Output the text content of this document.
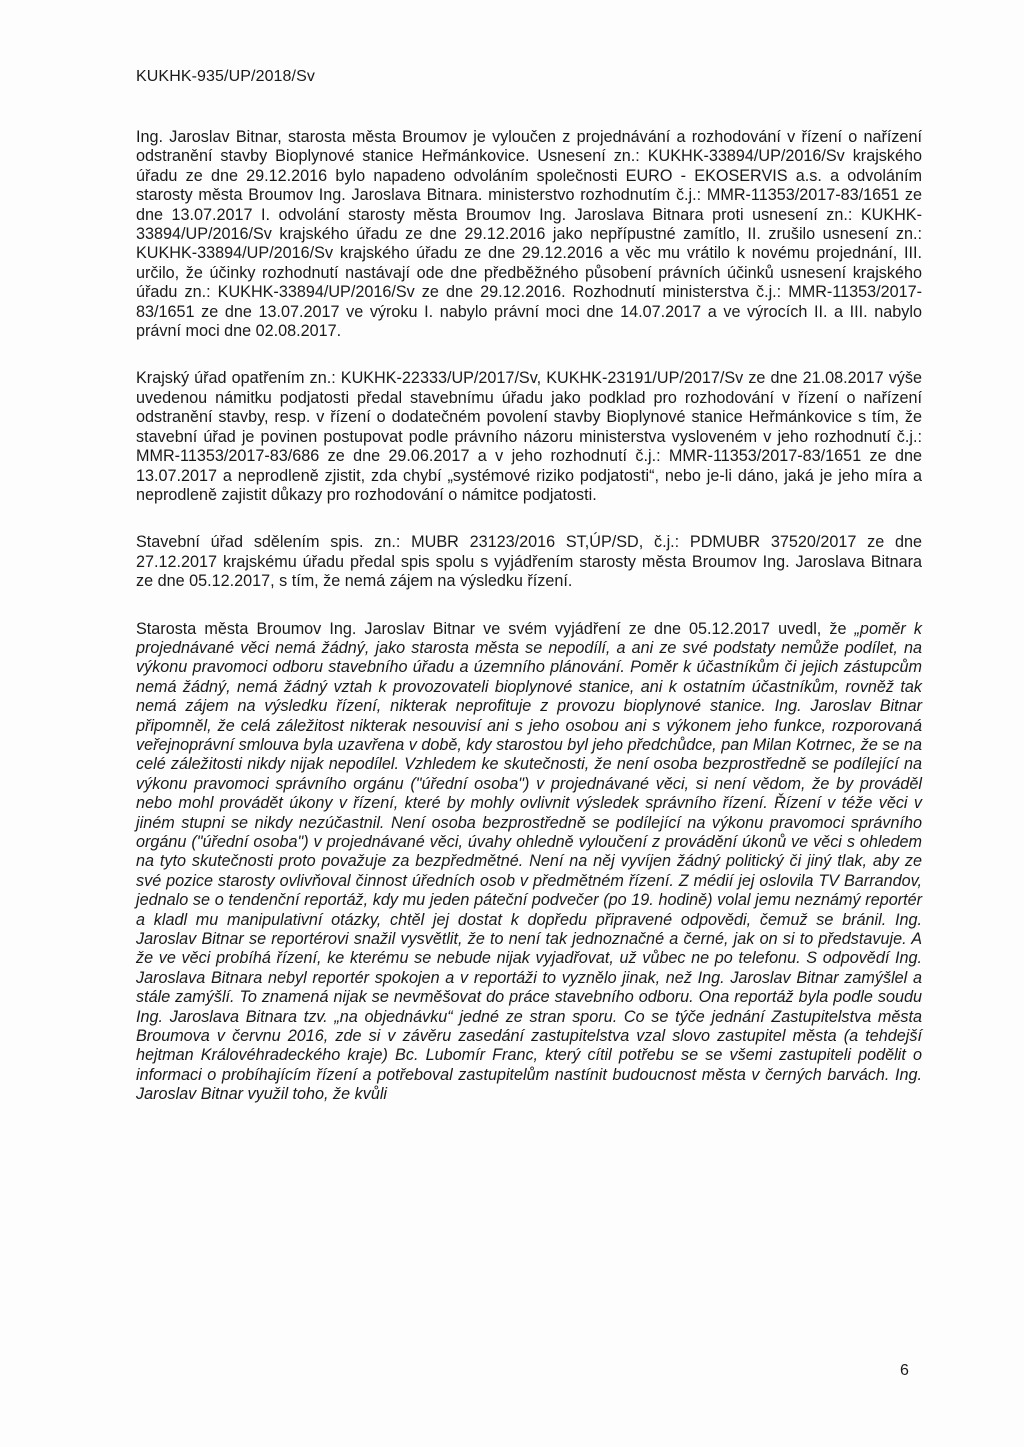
KUKHK-935/UP/2018/Sv

Ing. Jaroslav Bitnar, starosta města Broumov je vyloučen z projednávání a rozhodování v řízení o nařízení odstranění stavby Bioplynové stanice Heřmánkovice. Usnesení zn.: KUKHK-33894/UP/2016/Sv krajského úřadu ze dne 29.12.2016 bylo napadeno odvoláním společnosti EURO - EKOSERVIS a.s. a odvoláním starosty města Broumov Ing. Jaroslava Bitnara. ministerstvo rozhodnutím č.j.: MMR-11353/2017-83/1651 ze dne 13.07.2017 I. odvolání starosty města Broumov Ing. Jaroslava Bitnara proti usnesení zn.: KUKHK-33894/UP/2016/Sv krajského úřadu ze dne 29.12.2016 jako nepřípustné zamítlo, II. zrušilo usnesení zn.: KUKHK-33894/UP/2016/Sv krajského úřadu ze dne 29.12.2016 a věc mu vrátilo k novému projednání, III. určilo, že účinky rozhodnutí nastávají ode dne předběžného působení právních účinků usnesení krajského úřadu zn.: KUKHK-33894/UP/2016/Sv ze dne 29.12.2016. Rozhodnutí ministerstva č.j.: MMR-11353/2017-83/1651 ze dne 13.07.2017 ve výroku I. nabylo právní moci dne 14.07.2017 a ve výrocích II. a III. nabylo právní moci dne 02.08.2017.

Krajský úřad opatřením zn.: KUKHK-22333/UP/2017/Sv, KUKHK-23191/UP/2017/Sv ze dne 21.08.2017 výše uvedenou námitku podjatosti předal stavebnímu úřadu jako podklad pro rozhodování v řízení o nařízení odstranění stavby, resp. v řízení o dodatečném povolení stavby Bioplynové stanice Heřmánkovice s tím, že stavební úřad je povinen postupovat podle právního názoru ministerstva vysloveném v jeho rozhodnutí č.j.: MMR-11353/2017-83/686 ze dne 29.06.2017 a v jeho rozhodnutí č.j.: MMR-11353/2017-83/1651 ze dne 13.07.2017 a neprodleně zjistit, zda chybí „systémové riziko podjatosti“, nebo je-li dáno, jaká je jeho míra a neprodleně zajistit důkazy pro rozhodování o námitce podjatosti.

Stavební úřad sdělením spis. zn.: MUBR 23123/2016 ST,ÚP/SD, č.j.: PDMUBR 37520/2017 ze dne 27.12.2017 krajskému úřadu předal spis spolu s vyjádřením starosty města Broumov Ing. Jaroslava Bitnara ze dne 05.12.2017, s tím, že nemá zájem na výsledku řízení.

Starosta města Broumov Ing. Jaroslav Bitnar ve svém vyjádření ze dne 05.12.2017 uvedl, že „poměr k projednávané věci nemá žádný, jako starosta města se nepodílí, a ani ze své podstaty nemůže podílet, na výkonu pravomoci odboru stavebního úřadu a územního plánování. Poměr k účastníkům či jejich zástupcům nemá žádný, nemá žádný vztah k provozovateli bioplynové stanice, ani k ostatním účastníkům, rovněž tak nemá zájem na výsledku řízení, nikterak neprofituje z provozu bioplynové stanice. Ing. Jaroslav Bitnar připomněl, že celá záležitost nikterak nesouvisí ani s jeho osobou ani s výkonem jeho funkce, rozporovaná veřejnoprávní smlouva byla uzavřena v době, kdy starostou byl jeho předchůdce, pan Milan Kotrnec, že se na celé záležitosti nikdy nijak nepodílel. Vzhledem ke skutečnosti, že není osoba bezprostředně se podílející na výkonu pravomoci správního orgánu ("úřední osoba") v projednávané věci, si není vědom, že by prováděl nebo mohl provádět úkony v řízení, které by mohly ovlivnit výsledek správního řízení. Řízení v téže věci v jiném stupni se nikdy nezúčastnil. Není osoba bezprostředně se podílející na výkonu pravomoci správního orgánu ("úřední osoba") v projednávané věci, úvahy ohledně vyloučení z provádění úkonů ve věci s ohledem na tyto skutečnosti proto považuje za bezpředmětné. Není na něj vyvíjen žádný politický či jiný tlak, aby ze své pozice starosty ovlivňoval činnost úředních osob v předmětném řízení. Z médií jej oslovila TV Barrandov, jednalo se o tendenční reportáž, kdy mu jeden páteční podvečer (po 19. hodině) volal jemu neznámý reportér a kladl mu manipulativní otázky, chtěl jej dostat k dopředu připravené odpovědi, čemuž se bránil. Ing. Jaroslav Bitnar se reportérovi snažil vysvětlit, že to není tak jednoznačné a černé, jak on si to představuje. A že ve věci probíhá řízení, ke kterému se nebude nijak vyjadřovat, už vůbec ne po telefonu. S odpovědí Ing. Jaroslava Bitnara nebyl reportér spokojen a v reportáži to vyznělo jinak, než Ing. Jaroslav Bitnar zamýšlel a stále zamýšlí. To znamená nijak se nevměšovat do práce stavebního odboru. Ona reportáž byla podle soudu Ing. Jaroslava Bitnara tzv. „na objednávku“ jedné ze stran sporu. Co se týče jednání Zastupitelstva města Broumova v červnu 2016, zde si v závěru zasedání zastupitelstva vzal slovo zastupitel města (a tehdejší hejtman Královéhradeckého kraje) Bc. Lubomír Franc, který cítil potřebu se se všemi zastupiteli podělit o informaci o probíhajícím řízení a potřeboval zastupitelům nastínit budoucnost města v černých barvách. Ing. Jaroslav Bitnar využil toho, že kvůli

6
